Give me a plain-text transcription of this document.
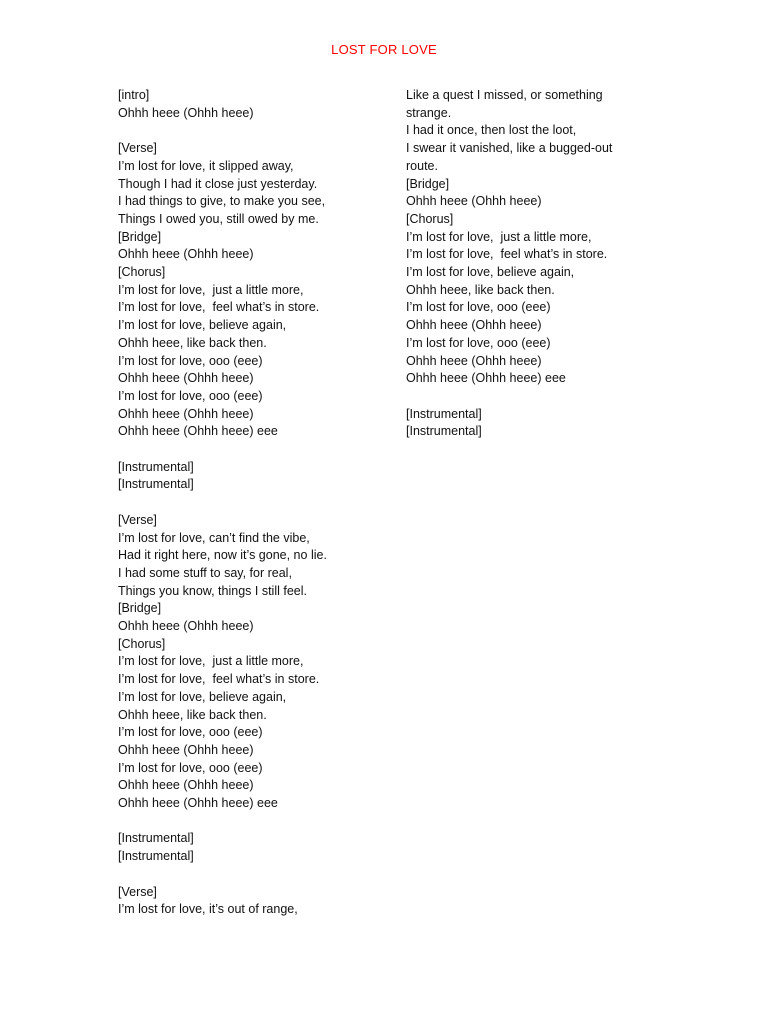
LOST FOR LOVE
[intro]
Ohhh heee (Ohhh heee)
[Verse]
I’m lost for love, it slipped away,
Though I had it close just yesterday.
I had things to give, to make you see,
Things I owed you, still owed by me.
[Bridge]
Ohhh heee (Ohhh heee)
[Chorus]
I’m lost for love,  just a little more,
I’m lost for love,  feel what’s in store.
I’m lost for love, believe again,
Ohhh heee, like back then.
I’m lost for love, ooo (eee)
Ohhh heee (Ohhh heee)
I’m lost for love, ooo (eee)
Ohhh heee (Ohhh heee)
Ohhh heee (Ohhh heee) eee
[Instrumental]
[Instrumental]
[Verse]
I’m lost for love, can’t find the vibe,
Had it right here, now it’s gone, no lie.
I had some stuff to say, for real,
Things you know, things I still feel.
[Bridge]
Ohhh heee (Ohhh heee)
[Chorus]
I’m lost for love,  just a little more,
I’m lost for love,  feel what’s in store.
I’m lost for love, believe again,
Ohhh heee, like back then.
I’m lost for love, ooo (eee)
Ohhh heee (Ohhh heee)
I’m lost for love, ooo (eee)
Ohhh heee (Ohhh heee)
Ohhh heee (Ohhh heee) eee
[Instrumental]
[Instrumental]
[Verse]
I’m lost for love, it’s out of range,
Like a quest I missed, or something
strange.
I had it once, then lost the loot,
I swear it vanished, like a bugged-out
route.
[Bridge]
Ohhh heee (Ohhh heee)
[Chorus]
I’m lost for love,  just a little more,
I’m lost for love,  feel what’s in store.
I’m lost for love, believe again,
Ohhh heee, like back then.
I’m lost for love, ooo (eee)
Ohhh heee (Ohhh heee)
I’m lost for love, ooo (eee)
Ohhh heee (Ohhh heee)
Ohhh heee (Ohhh heee) eee
[Instrumental]
[Instrumental]
